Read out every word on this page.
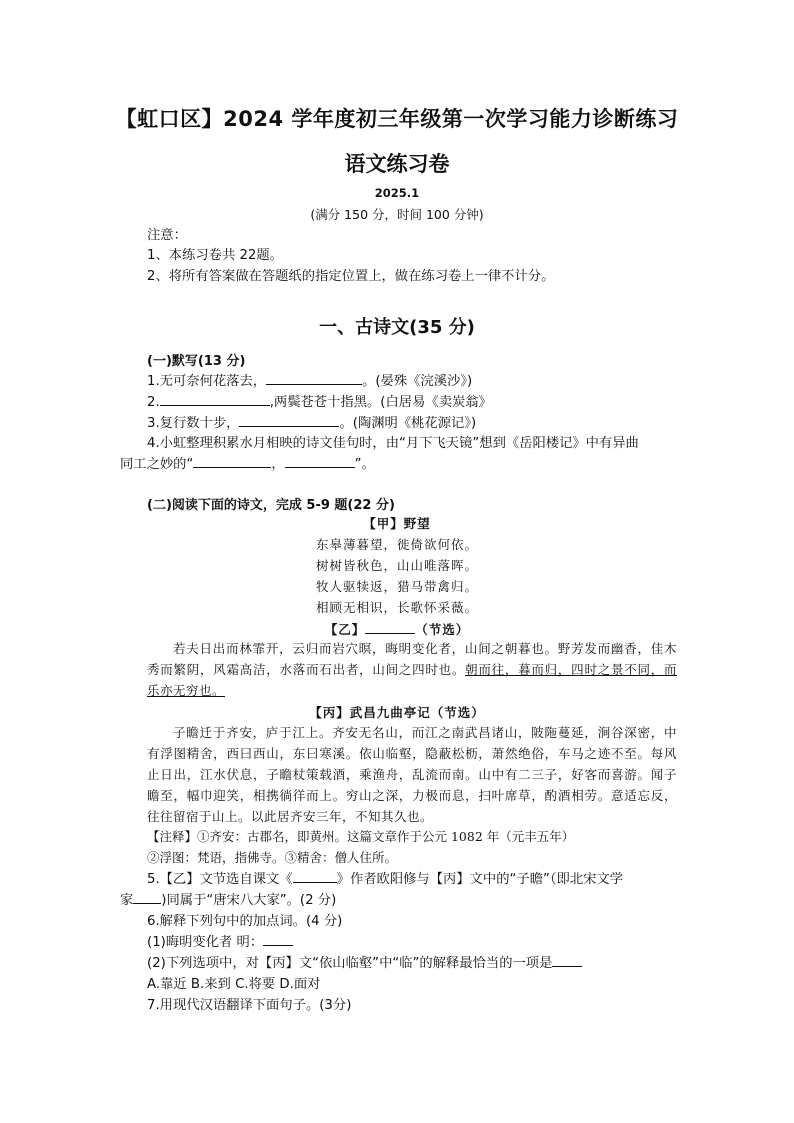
【虹口区】2024 学年度初三年级第一次学习能力诊断练习
语文练习卷
2025.1
(满分 150 分，时间 100 分钟)
注意：
1、本练习卷共 22题。
2、将所有答案做在答题纸的指定位置上，做在练习卷上一律不计分。
一、古诗文(35 分)
(一)默写(13 分)
1.无可奈何花落去，	。(晏殊《浣溪沙》)
2.	,两鬓苍苍十指黑。(白居易《卖炭翁》
3.复行数十步，	。(陶渊明《桃花源记》)
4.小虹整理积累水月相映的诗文佳句时，由“月下飞天镜”想到《岳阳楼记》中有异曲
同工之妙的“	，	”。
(二)阅读下面的诗文，完成 5-9 题(22 分)
【甲】野望
东皋薄暮望，徙倚欲何依。
树树皆秋色，山山唯落晖。
牧人驱犊返，猎马带禽归。
相顾无相识，长歌怀采薇。
【乙】	（节选）
若夫日出而林霏开，云归而岩穴暝，晦明变化者，山间之朝暮也。野芳发而幽香，佳木秀而繁阴，风霜高洁，水落而石出者，山间之四时也。朝而往，暮而归，四时之景不同，而乐亦无穷也。
【丙】武昌九曲亭记（节选）
子瞻迁于齐安，庐于江上。齐安无名山，而江之南武昌诸山，陂陁蔓延，涧谷深密，中有浮图精舍，西曰西山，东曰寒溪。依山临壑，隐蔽松枥，萧然绝俗，车马之迹不至。每风止日出，江水伏息，子瞻杖策载酒，乘渔舟，乱流而南。山中有二三子，好客而喜游。闻子瞻至，幅巾迎笑，相携徜徉而上。穷山之深，力极而息，扫叶席草，酌酒相劳。意适忘反，往往留宿于山上。以此居齐安三年，不知其久也。
【注释】①齐安：古郡名，即黄州。这篇文章作于公元 1082 年（元丰五年）
②浮图：梵语，指佛寺。③精舍：僧人住所。
5.【乙】文节选自课文《	》作者欧阳修与【丙】文中的“子瞻”（即北宋文学
家 )同属于“唐宋八大家”。(2 分)
6.解释下列句中的加点词。(4 分)
(1)晦明变化者 明：
(2)下列选项中，对【丙】文“依山临壑”中“临”的解释最恰当的一项是
A.靠近 B.来到 C.将要 D.面对
7.用现代汉语翻译下面句子。(3分)
